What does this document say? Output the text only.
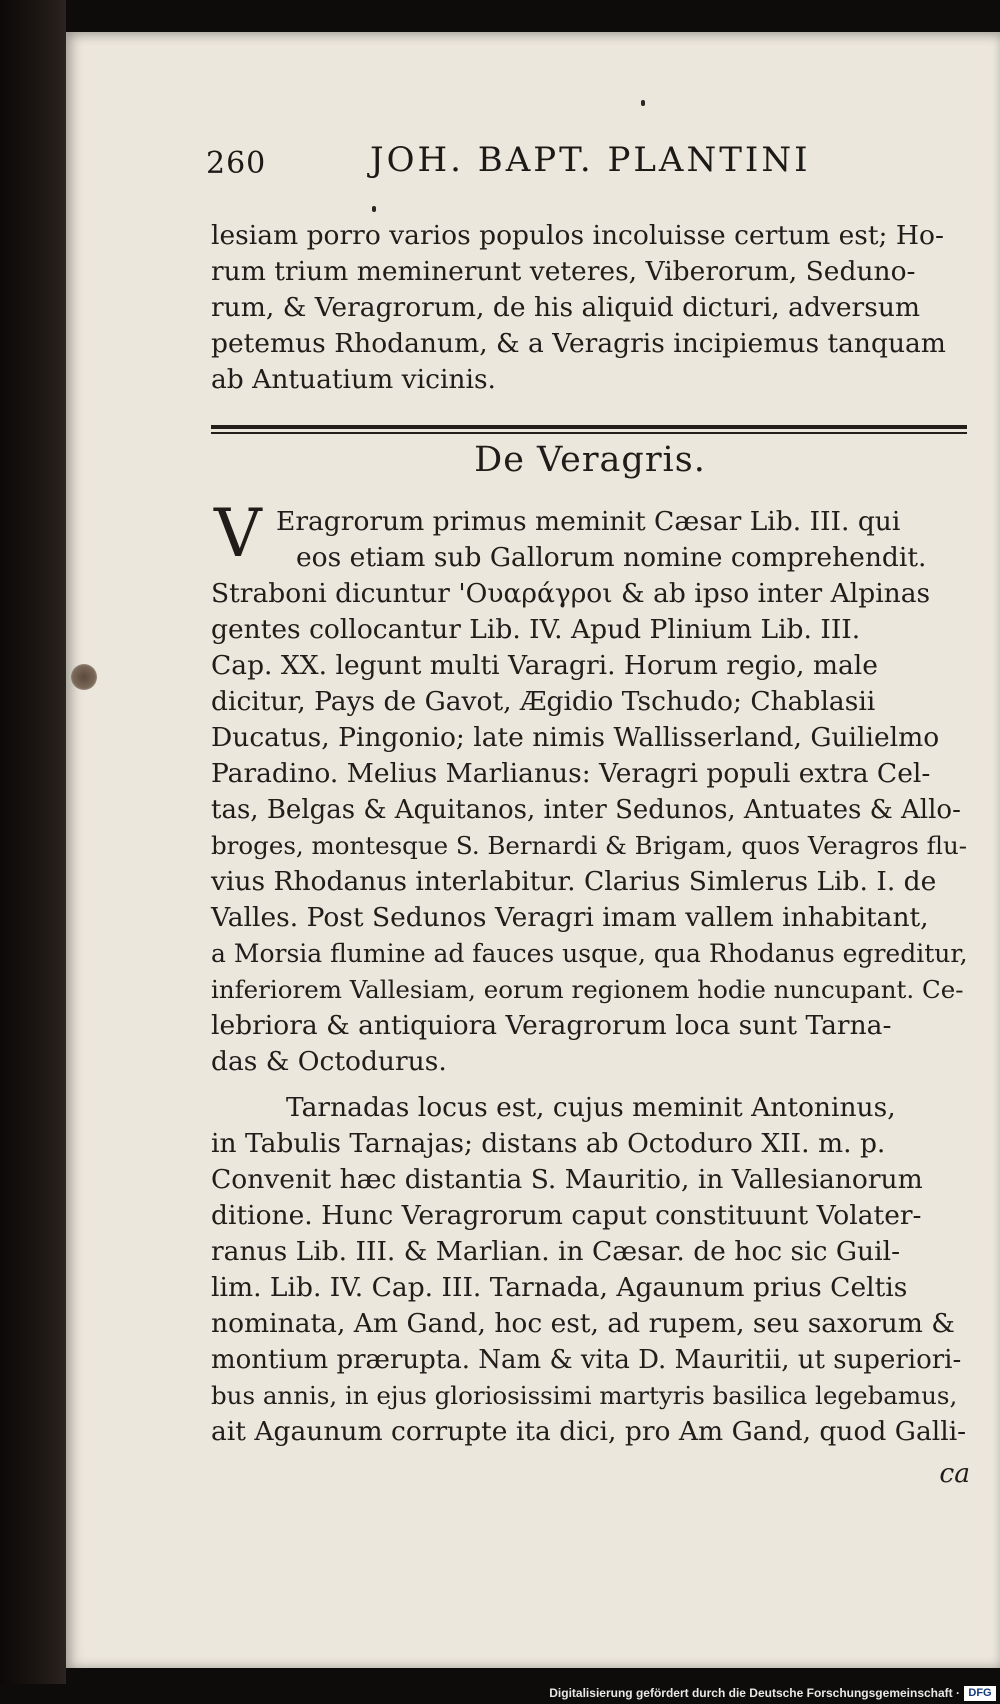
260	JOH. BAPT. PLANTINI
lesiam porro varios populos incoluisse certum est; Ho-
rum trium meminerunt veteres, Viberorum, Seduno-
rum, & Veragrorum, de his aliquid dicturi, adversum
petemus Rhodanum, & a Veragris incipiemus tanquam
ab Antuatium vicinis.
De Veragris.
V Eragrorum primus meminit Cæsar Lib. III. qui
eos etiam sub Gallorum nomine comprehendit.
Straboni dicuntur 'Ουαράγροι & ab ipso inter Alpinas
gentes collocantur Lib. IV. Apud Plinium Lib. III.
Cap. XX. legunt multi Varagri. Horum regio, male
dicitur, Pays de Gavot, Ægidio Tschudo; Chablasii
Ducatus, Pingonio; late nimis Wallisserland, Guilielmo
Paradino. Melius Marlianus: Veragri populi extra Cel-
tas, Belgas & Aquitanos, inter Sedunos, Antuates & Allo-
broges, montesque S. Bernardi & Brigam, quos Veragros flu-
vius Rhodanus interlabitur. Clarius Simlerus Lib. I. de
Valles. Post Sedunos Veragri imam vallem inhabitant,
a Morsia flumine ad fauces usque, qua Rhodanus egreditur,
inferiorem Vallesiam, eorum regionem hodie nuncupant. Ce-
lebriora & antiquiora Veragrorum loca sunt Tarna-
das & Octodurus.
Tarnadas locus est, cujus meminit Antoninus,
in Tabulis Tarnajas; distans ab Octoduro XII. m. p.
Convenit hæc distantia S. Mauritio, in Vallesianorum
ditione. Hunc Veragrorum caput constituunt Volater-
ranus Lib. III. & Marlian. in Cæsar. de hoc sic Guil-
lim. Lib. IV. Cap. III. Tarnada, Agaunum prius Celtis
nominata, Am Gand, hoc est, ad rupem, seu saxorum &
montium prærupta. Nam & vita D. Mauritii, ut superiori-
bus annis, in ejus gloriosissimi martyris basilica legebamus,
ait Agaunum corrupte ita dici, pro Am Gand, quod Galli-
ca
Digitalisierung gefördert durch die Deutsche Forschungsgemeinschaft · DFG
